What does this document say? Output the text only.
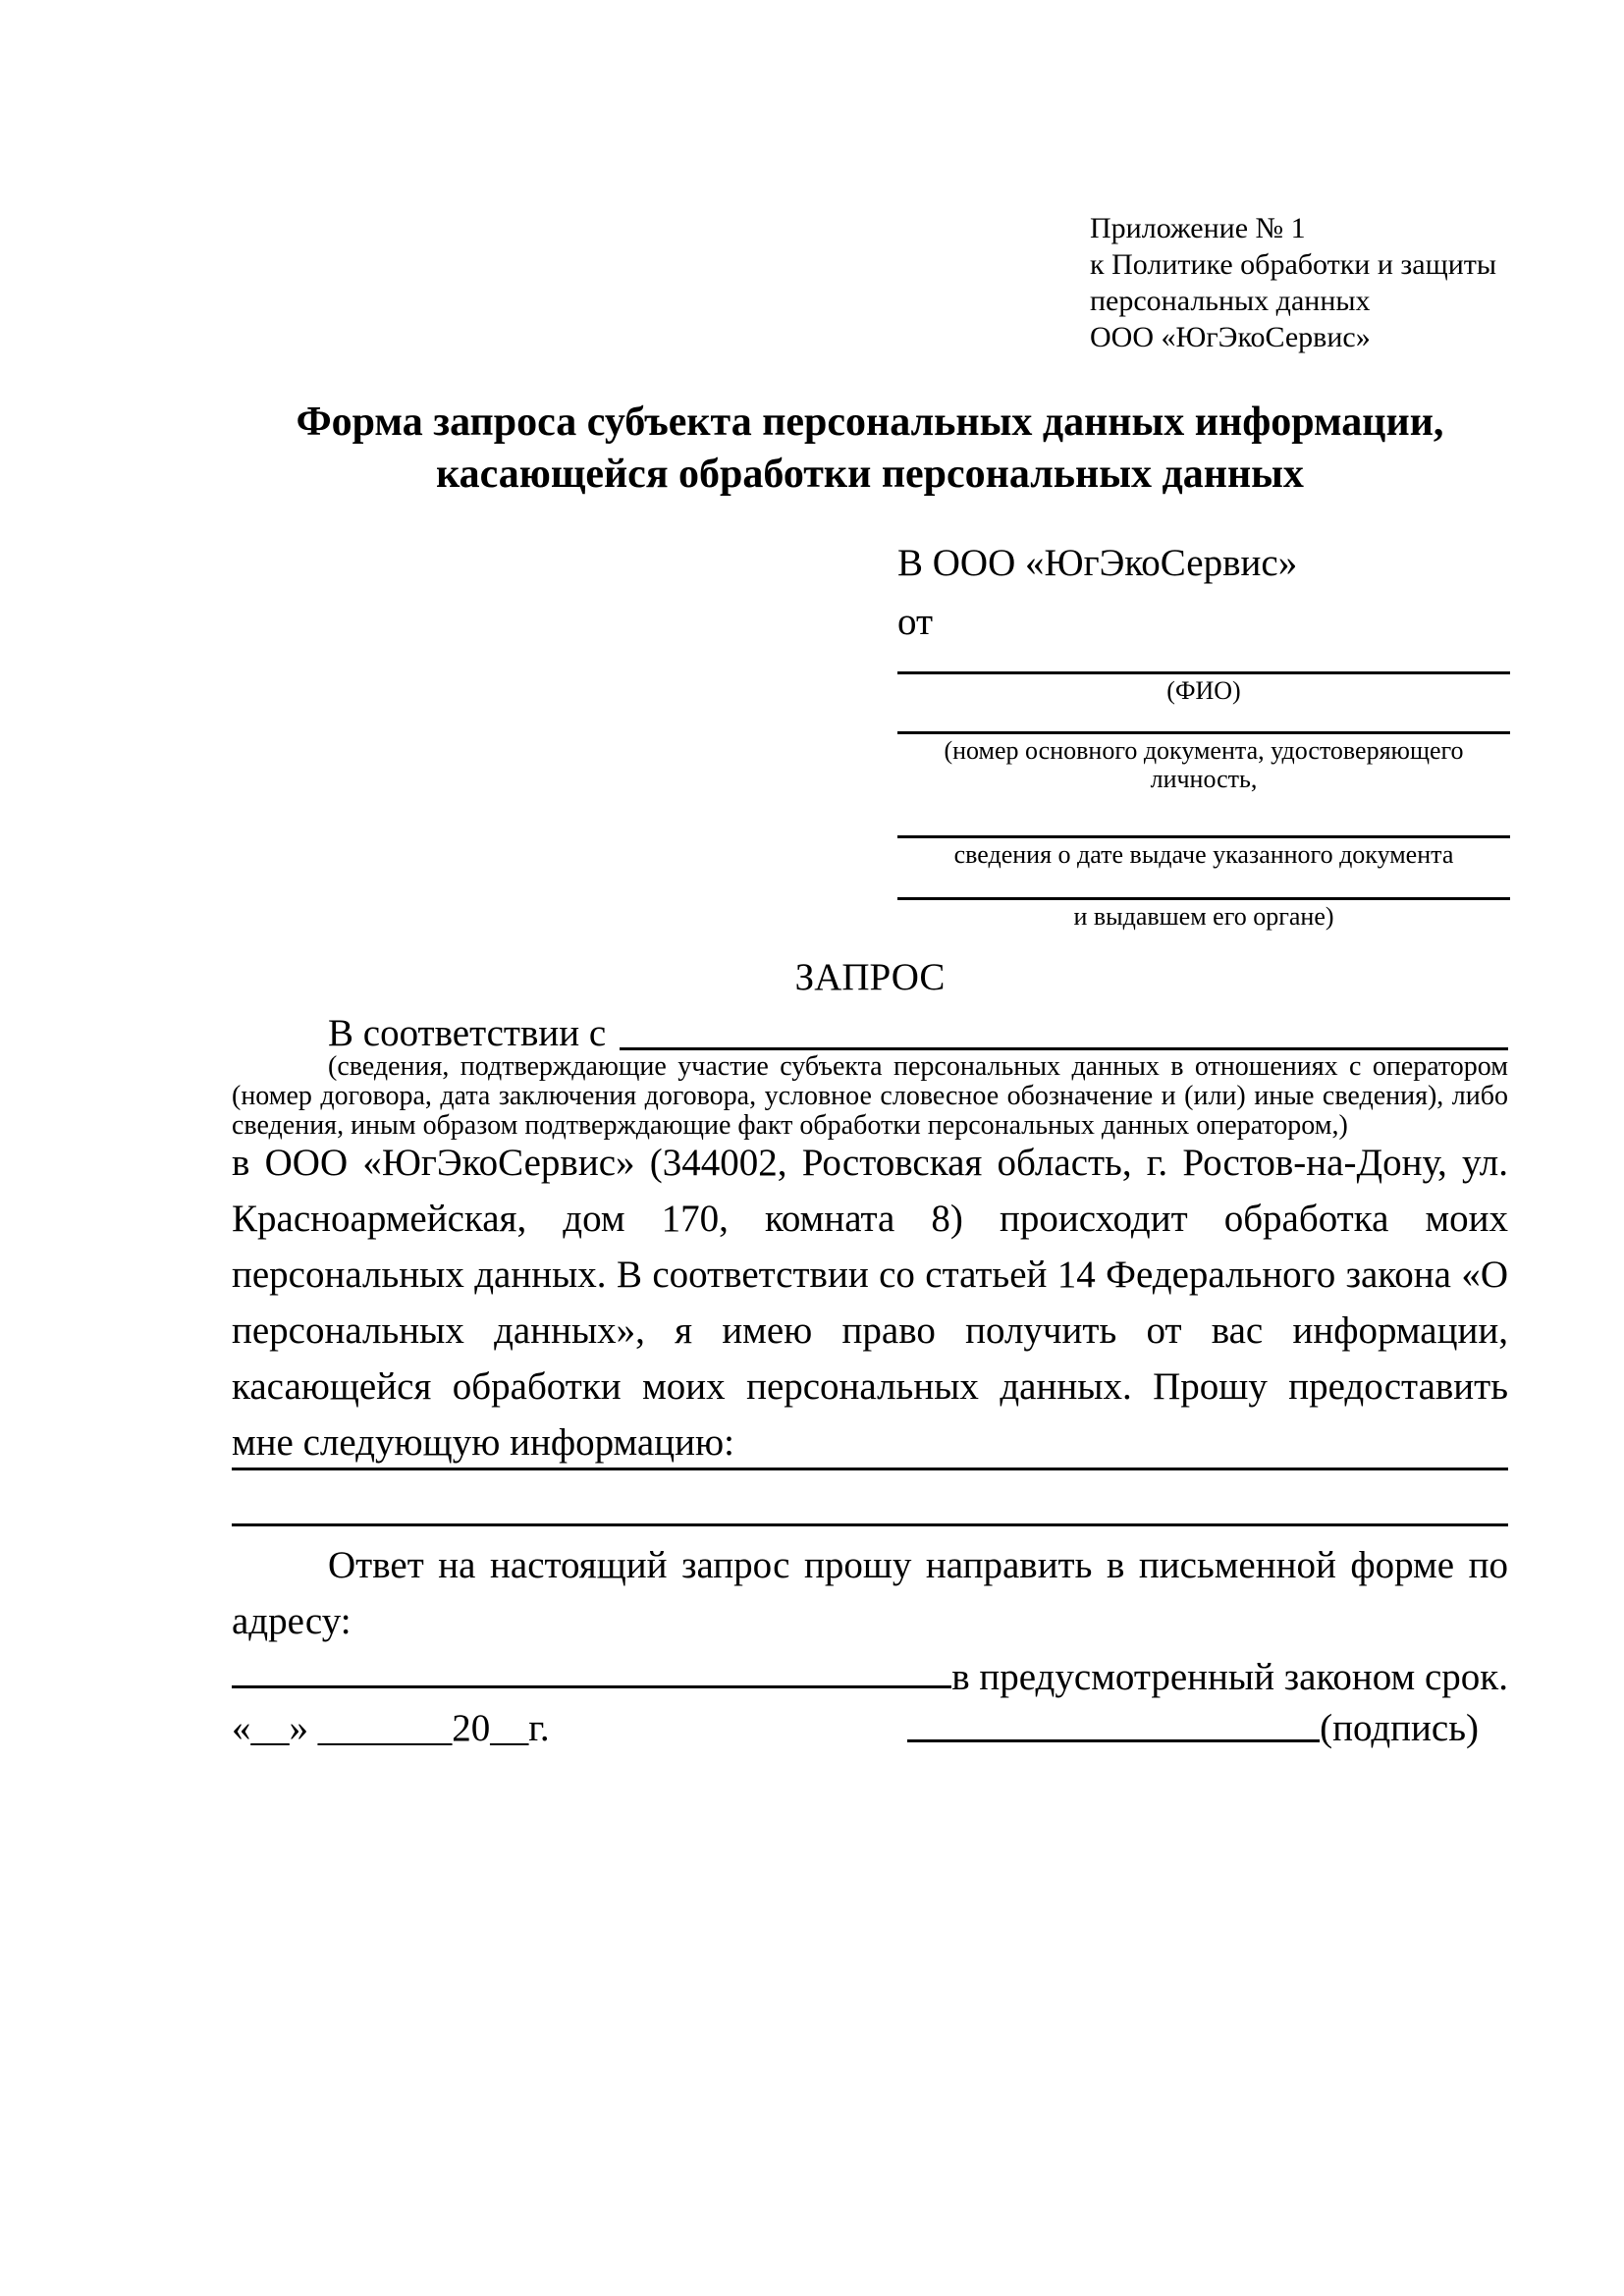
Приложение № 1
к Политике обработки и защиты
персональных данных
ООО «ЮгЭкоСервис»
Форма запроса субъекта персональных данных информации,
касающейся обработки персональных данных
В ООО «ЮгЭкоСервис»
от
(ФИО)
(номер основного документа, удостоверяющего личность,
сведения о дате выдаче указанного документа
и выдавшем его органе)
ЗАПРОС
В соответствии с
(сведения, подтверждающие участие субъекта персональных данных в отношениях с оператором (номер договора, дата заключения договора, условное словесное обозначение и (или) иные сведения), либо сведения, иным образом подтверждающие факт обработки персональных данных оператором,)
в ООО «ЮгЭкоСервис» (344002, Ростовская область, г. Ростов-на-Дону, ул. Красноармейская, дом 170, комната 8) происходит обработка моих персональных данных. В соответствии со статьей 14 Федерального закона «О персональных данных», я имею право получить от вас информации, касающейся обработки моих персональных данных. Прошу предоставить мне следующую информацию:
Ответ на настоящий запрос прошу направить в письменной форме по адресу:
в предусмотренный законом срок.
«__» _______20__г.	(подпись)
